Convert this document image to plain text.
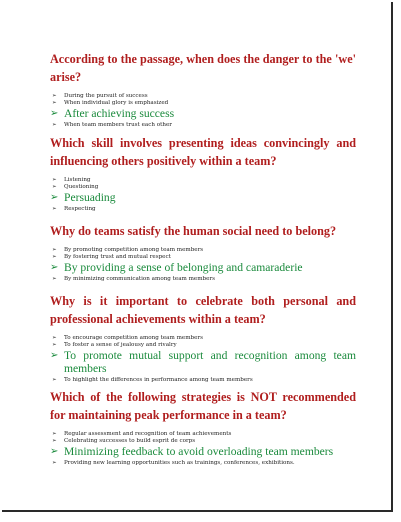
According to the passage, when does the danger to the 'we' arise?
➢ During the pursuit of success
➢ When individual glory is emphasized
➢ After achieving success
➢ When team members trust each other
Which skill involves presenting ideas convincingly and influencing others positively within a team?
➢ Listening
➢ Questioning
➢ Persuading
➢ Respecting
Why do teams satisfy the human social need to belong?
➢ By promoting competition among team members
➢ By fostering trust and mutual respect
➢ By providing a sense of belonging and camaraderie
➢ By minimizing communication among team members
Why is it important to celebrate both personal and professional achievements within a team?
➢ To encourage competition among team members
➢ To foster a sense of jealousy and rivalry
➢ To promote mutual support and recognition among team members
➢ To highlight the differences in performance among team members
Which of the following strategies is NOT recommended for maintaining peak performance in a team?
➢ Regular assessment and recognition of team achievements
➢ Celebrating successes to build esprit de corps
➢ Minimizing feedback to avoid overloading team members
➢ Providing new learning opportunities such as trainings, conferences, exhibitions.
